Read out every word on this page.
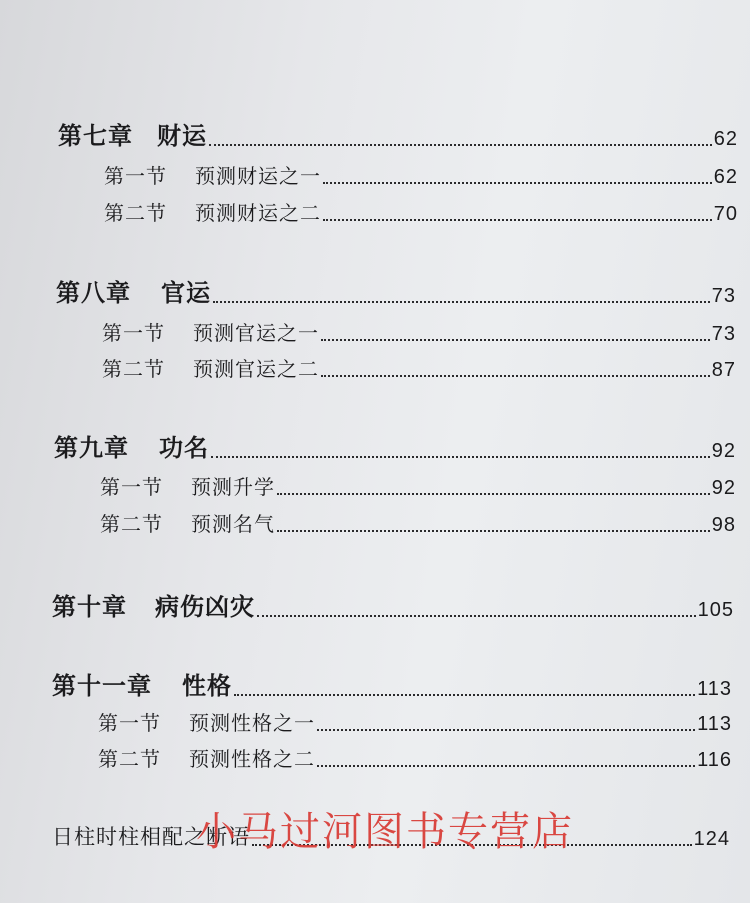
第七章 财运	62
第一节 预测财运之一	62
第二节 预测财运之二	70
第八章 官运	73
第一节 预测官运之一	73
第二节 预测官运之二	87
第九章 功名	92
第一节 预测升学	92
第二节 预测名气	98
第十章 病伤凶灾	105
第十一章 性格	113
第一节 预测性格之一	113
第二节 预测性格之二	116
日柱时柱相配之断语	124
小马过河图书专营店
